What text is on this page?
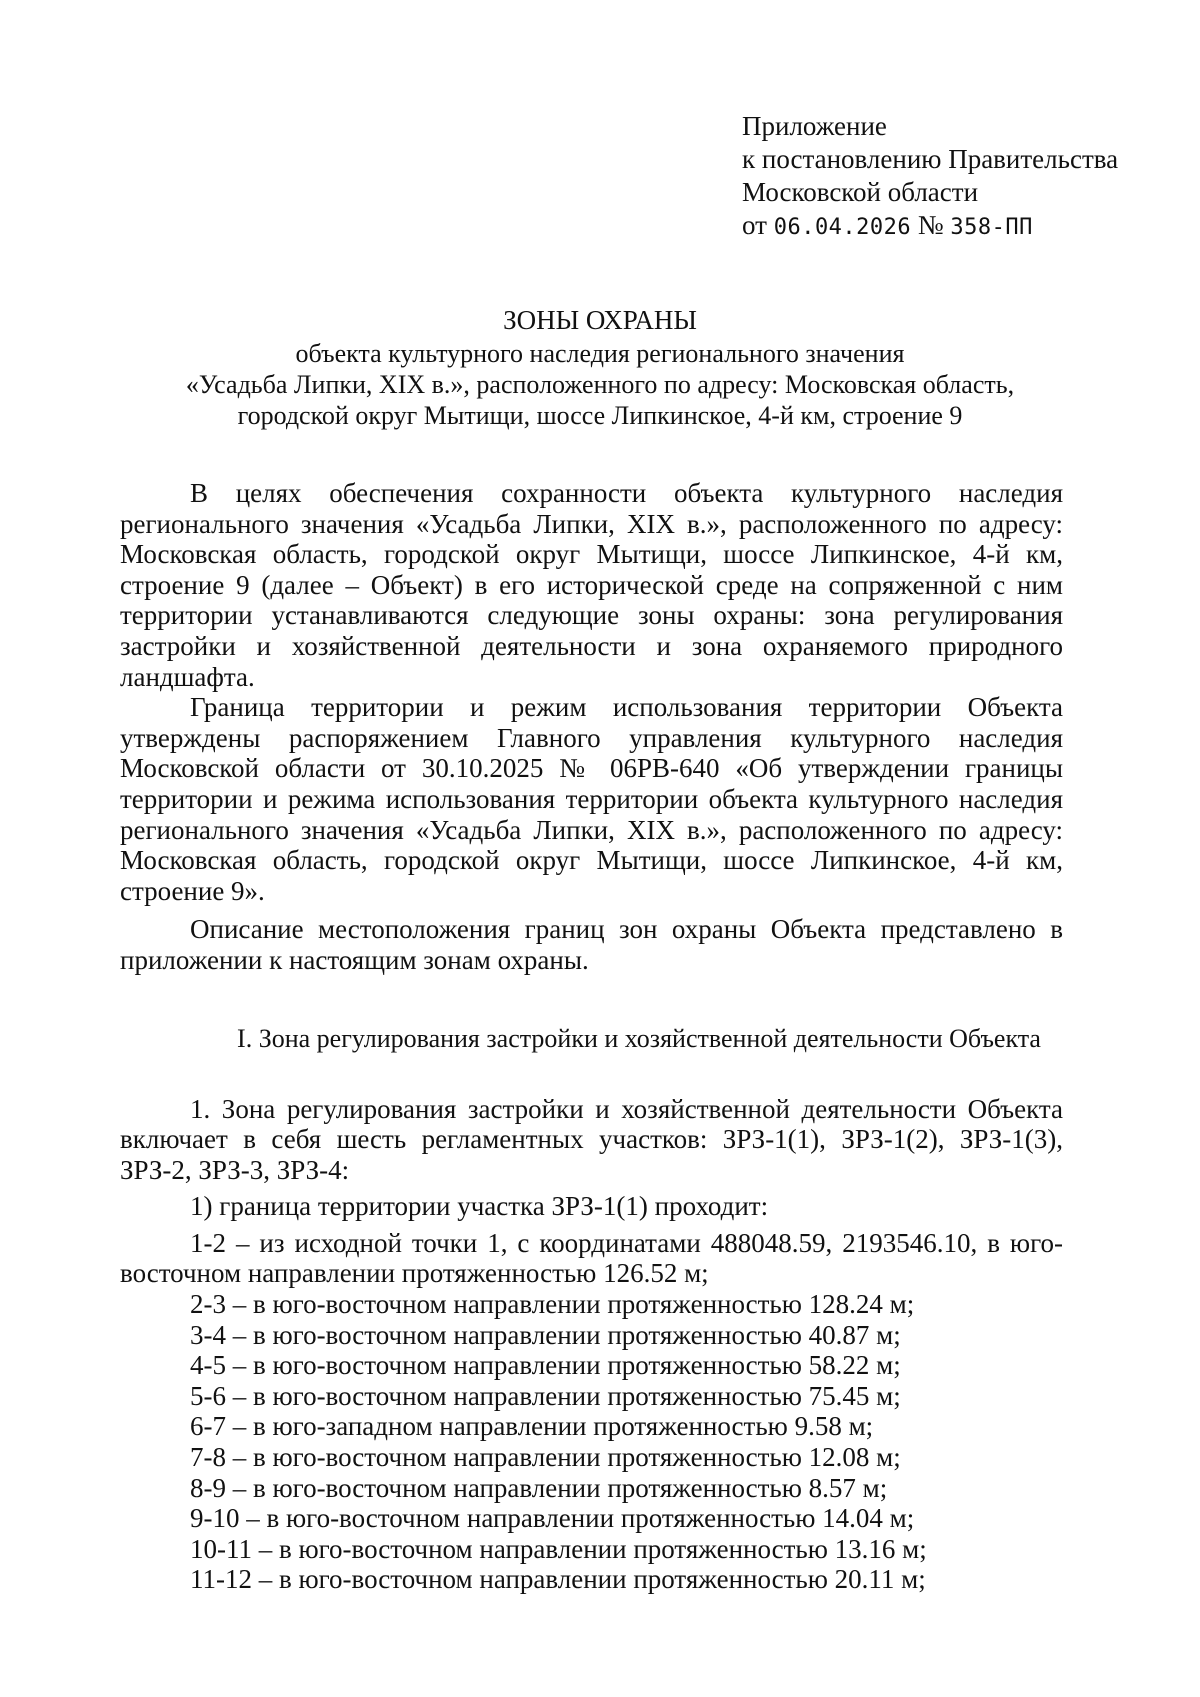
Приложение
к постановлению Правительства
Московской области
от 06.04.2026 № 358-ПП
ЗОНЫ ОХРАНЫ
объекта культурного наследия регионального значения
«Усадьба Липки, XIX в.», расположенного по адресу: Московская область,
городской округ Мытищи, шоссе Липкинское, 4-й км, строение 9

В целях обеспечения сохранности объекта культурного наследия регионального значения «Усадьба Липки, XIX в.», расположенного по адресу: Московская область, городской округ Мытищи, шоссе Липкинское, 4-й км, строение 9 (далее – Объект) в его исторической среде на сопряженной с ним территории устанавливаются следующие зоны охраны: зона регулирования застройки и хозяйственной деятельности и зона охраняемого природного ландшафта.

Граница территории и режим использования территории Объекта утверждены распоряжением Главного управления культурного наследия Московской области от 30.10.2025 № 06РВ-640 «Об утверждении границы территории и режима использования территории объекта культурного наследия регионального значения «Усадьба Липки, XIX в.», расположенного по адресу: Московская область, городской округ Мытищи, шоссе Липкинское, 4-й км, строение 9».

Описание местоположения границ зон охраны Объекта представлено в приложении к настоящим зонам охраны.

I. Зона регулирования застройки и хозяйственной деятельности Объекта

1. Зона регулирования застройки и хозяйственной деятельности Объекта включает в себя шесть регламентных участков: ЗРЗ-1(1), ЗРЗ-1(2), ЗРЗ-1(3), ЗРЗ-2, ЗРЗ-3, ЗРЗ-4:

1) граница территории участка ЗРЗ-1(1) проходит:

1-2 – из исходной точки 1, с координатами 488048.59, 2193546.10, в юго-восточном направлении протяженностью 126.52 м;

2-3 – в юго-восточном направлении протяженностью 128.24 м;

3-4 – в юго-восточном направлении протяженностью 40.87 м;

4-5 – в юго-восточном направлении протяженностью 58.22 м;

5-6 – в юго-восточном направлении протяженностью 75.45 м;

6-7 – в юго-западном направлении протяженностью 9.58 м;

7-8 – в юго-восточном направлении протяженностью 12.08 м;

8-9 – в юго-восточном направлении протяженностью 8.57 м;

9-10 – в юго-восточном направлении протяженностью 14.04 м;

10-11 – в юго-восточном направлении протяженностью 13.16 м;

11-12 – в юго-восточном направлении протяженностью 20.11 м;
